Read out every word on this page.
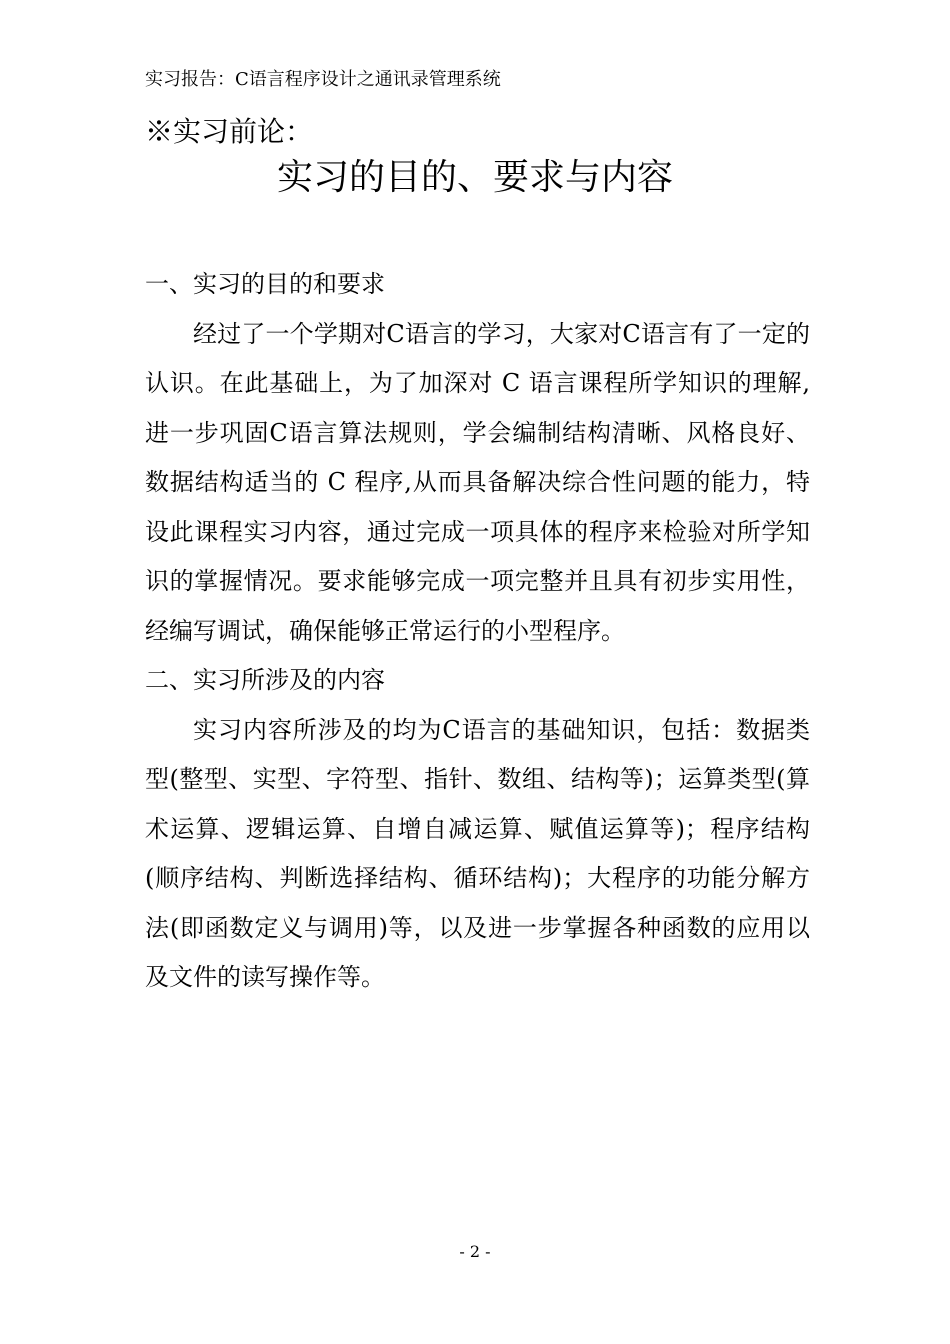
实习报告：C语言程序设计之通讯录管理系统
※实习前论：
实习的目的、要求与内容

一、实习的目的和要求

经过了一个学期对C语言的学习，大家对C语言有了一定的认识。在此基础上，为了加深对 C 语言课程所学知识的理解,进一步巩固C语言算法规则，学会编制结构清晰、风格良好、数据结构适当的 C 程序,从而具备解决综合性问题的能力，特设此课程实习内容，通过完成一项具体的程序来检验对所学知识的掌握情况。要求能够完成一项完整并且具有初步实用性，经编写调试，确保能够正常运行的小型程序。

二、实习所涉及的内容

实习内容所涉及的均为C语言的基础知识，包括：数据类型(整型、实型、字符型、指针、数组、结构等)；运算类型(算术运算、逻辑运算、自增自减运算、赋值运算等)；程序结构(顺序结构、判断选择结构、循环结构)；大程序的功能分解方法(即函数定义与调用)等，以及进一步掌握各种函数的应用以及文件的读写操作等。

- 2 -
